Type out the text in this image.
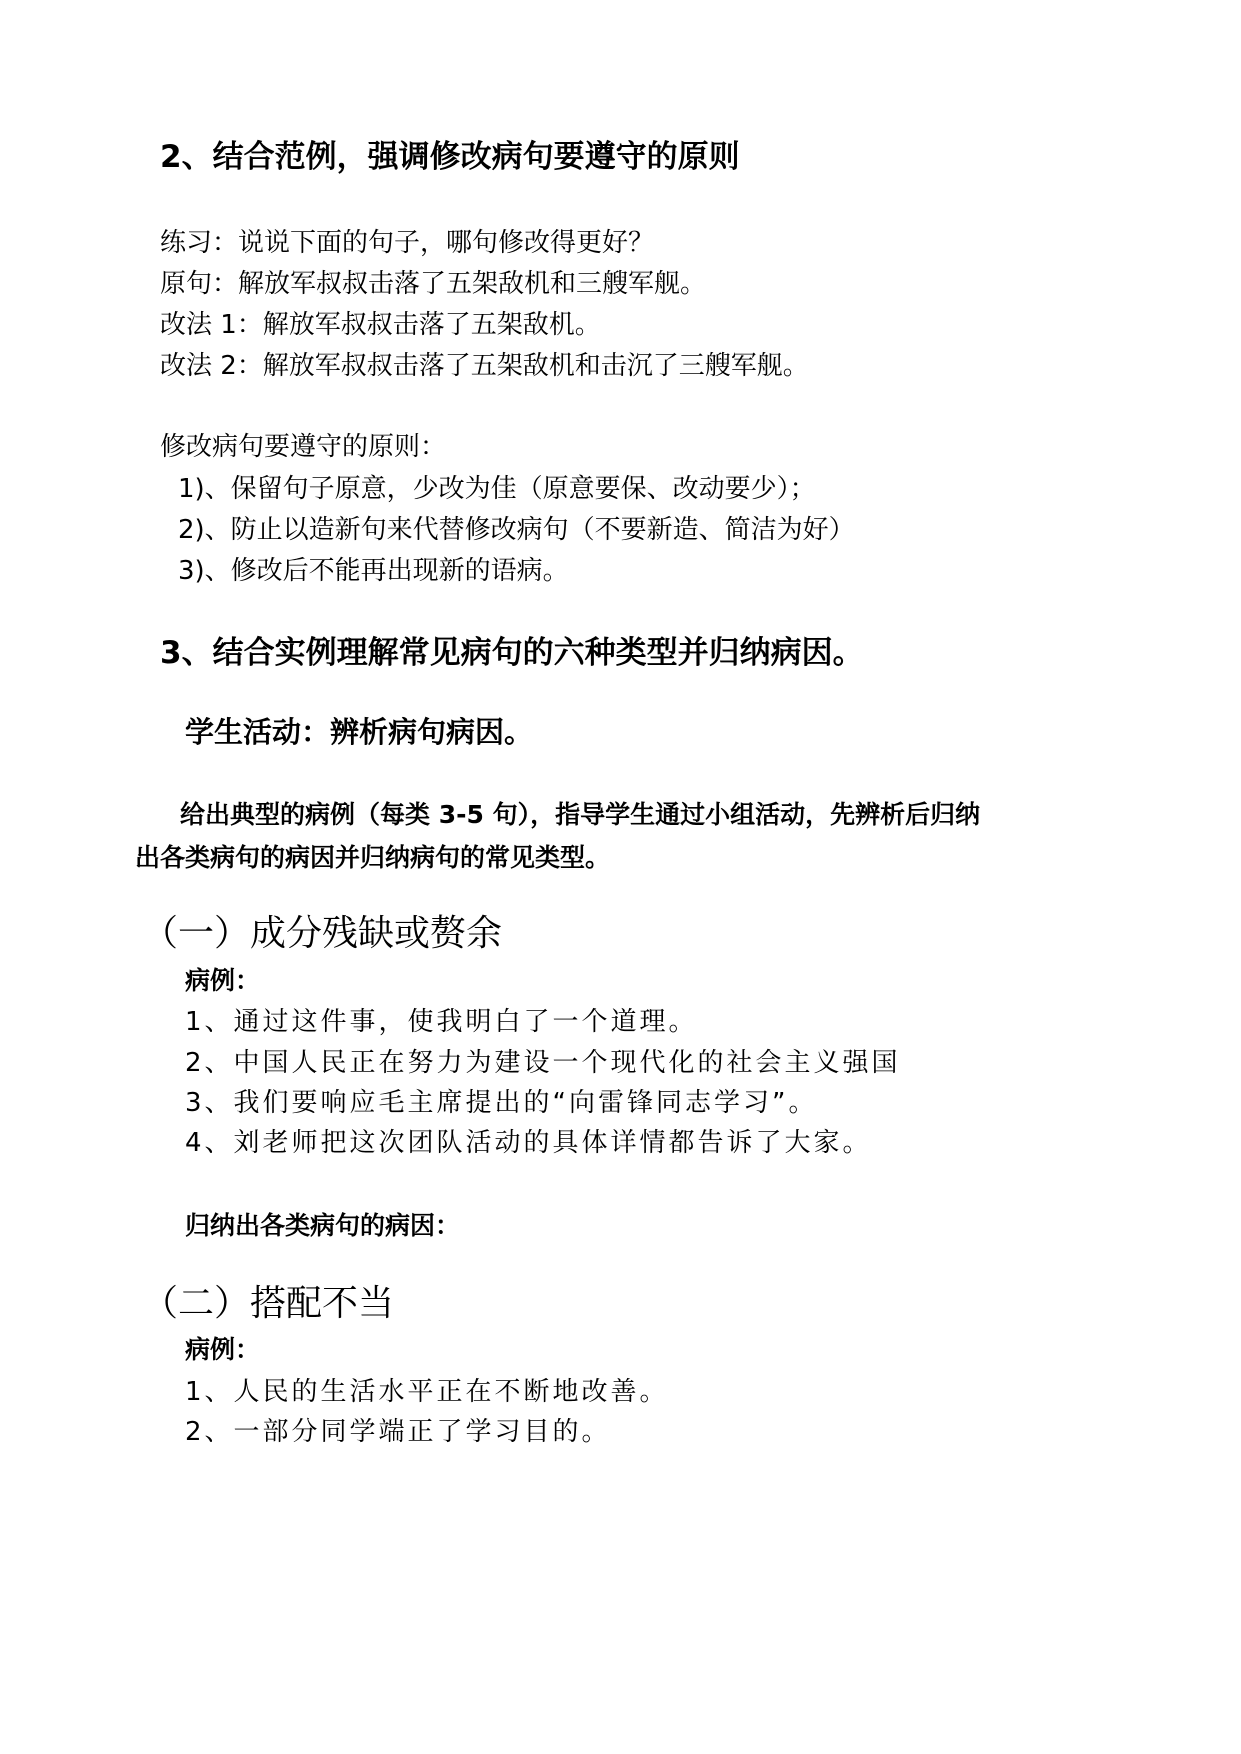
2、结合范例，强调修改病句要遵守的原则
练习：说说下面的句子，哪句修改得更好？
原句：解放军叔叔击落了五架敌机和三艘军舰。
改法 1：解放军叔叔击落了五架敌机。
改法 2：解放军叔叔击落了五架敌机和击沉了三艘军舰。
修改病句要遵守的原则：
1)、保留句子原意，少改为佳（原意要保、改动要少）；
2)、防止以造新句来代替修改病句（不要新造、简洁为好）
3)、修改后不能再出现新的语病。
3、结合实例理解常见病句的六种类型并归纳病因。
学生活动：辨析病句病因。
给出典型的病例（每类 3-5 句），指导学生通过小组活动，先辨析后归纳
出各类病句的病因并归纳病句的常见类型。
（一）成分残缺或赘余
病例：
1、通过这件事，使我明白了一个道理。
2、中国人民正在努力为建设一个现代化的社会主义强国
3、我们要响应毛主席提出的“向雷锋同志学习”。
4、刘老师把这次团队活动的具体详情都告诉了大家。
归纳出各类病句的病因：
（二）搭配不当
病例：
1、人民的生活水平正在不断地改善。
2、一部分同学端正了学习目的。
